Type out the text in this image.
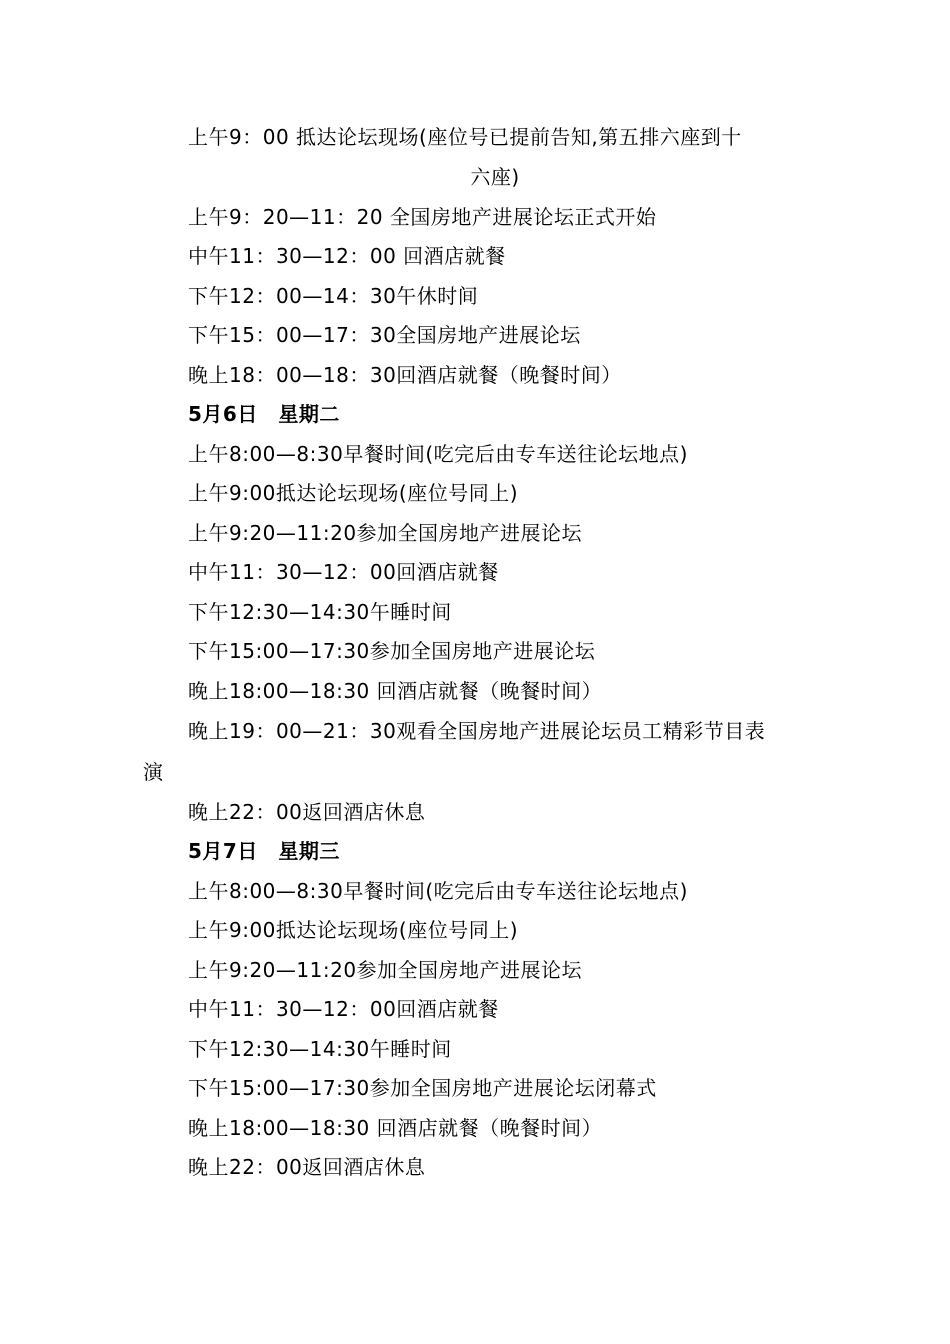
上午9：00 抵达论坛现场(座位号已提前告知,第五排六座到十
六座)
上午9：20—11：20 全国房地产进展论坛正式开始
中午11：30—12：00 回酒店就餐
下午12：00—14：30午休时间
下午15：00—17：30全国房地产进展论坛
晚上18：00—18：30回酒店就餐（晚餐时间）
5月6日　星期二
上午8:00—8:30早餐时间(吃完后由专车送往论坛地点)
上午9:00抵达论坛现场(座位号同上)
上午9:20—11:20参加全国房地产进展论坛
中午11：30—12：00回酒店就餐
下午12:30—14:30午睡时间
下午15:00—17:30参加全国房地产进展论坛
晚上18:00—18:30 回酒店就餐（晚餐时间）
晚上19：00—21：30观看全国房地产进展论坛员工精彩节目表
演
晚上22：00返回酒店休息
5月7日　星期三
上午8:00—8:30早餐时间(吃完后由专车送往论坛地点)
上午9:00抵达论坛现场(座位号同上)
上午9:20—11:20参加全国房地产进展论坛
中午11：30—12：00回酒店就餐
下午12:30—14:30午睡时间
下午15:00—17:30参加全国房地产进展论坛闭幕式
晚上18:00—18:30 回酒店就餐（晚餐时间）
晚上22：00返回酒店休息
